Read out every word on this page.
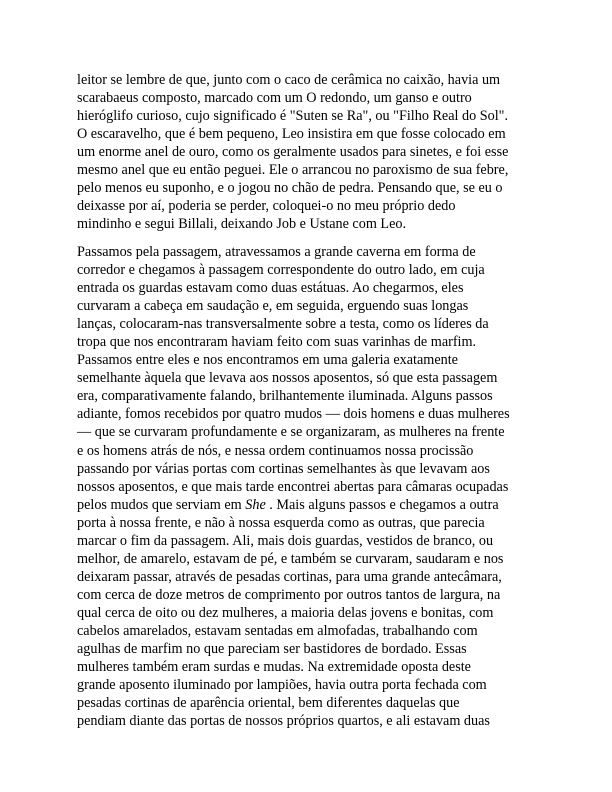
leitor se lembre de que, junto com o caco de cerâmica no caixão, havia um
scarabaeus composto, marcado com um O redondo, um ganso e outro
hieróglifo curioso, cujo significado é "Suten se Ra", ou "Filho Real do Sol".
O escaravelho, que é bem pequeno, Leo insistira em que fosse colocado em
um enorme anel de ouro, como os geralmente usados para sinetes, e foi esse
mesmo anel que eu então peguei. Ele o arrancou no paroxismo de sua febre,
pelo menos eu suponho, e o jogou no chão de pedra. Pensando que, se eu o
deixasse por aí, poderia se perder, coloquei-o no meu próprio dedo
mindinho e segui Billali, deixando Job e Ustane com Leo.
Passamos pela passagem, atravessamos a grande caverna em forma de
corredor e chegamos à passagem correspondente do outro lado, em cuja
entrada os guardas estavam como duas estátuas. Ao chegarmos, eles
curvaram a cabeça em saudação e, em seguida, erguendo suas longas
lanças, colocaram-nas transversalmente sobre a testa, como os líderes da
tropa que nos encontraram haviam feito com suas varinhas de marfim.
Passamos entre eles e nos encontramos em uma galeria exatamente
semelhante àquela que levava aos nossos aposentos, só que esta passagem
era, comparativamente falando, brilhantemente iluminada. Alguns passos
adiante, fomos recebidos por quatro mudos — dois homens e duas mulheres
— que se curvaram profundamente e se organizaram, as mulheres na frente
e os homens atrás de nós, e nessa ordem continuamos nossa procissão
passando por várias portas com cortinas semelhantes às que levavam aos
nossos aposentos, e que mais tarde encontrei abertas para câmaras ocupadas
pelos mudos que serviam em She . Mais alguns passos e chegamos a outra
porta à nossa frente, e não à nossa esquerda como as outras, que parecia
marcar o fim da passagem. Ali, mais dois guardas, vestidos de branco, ou
melhor, de amarelo, estavam de pé, e também se curvaram, saudaram e nos
deixaram passar, através de pesadas cortinas, para uma grande antecâmara,
com cerca de doze metros de comprimento por outros tantos de largura, na
qual cerca de oito ou dez mulheres, a maioria delas jovens e bonitas, com
cabelos amarelados, estavam sentadas em almofadas, trabalhando com
agulhas de marfim no que pareciam ser bastidores de bordado. Essas
mulheres também eram surdas e mudas. Na extremidade oposta deste
grande aposento iluminado por lampiões, havia outra porta fechada com
pesadas cortinas de aparência oriental, bem diferentes daquelas que
pendiam diante das portas de nossos próprios quartos, e ali estavam duas
